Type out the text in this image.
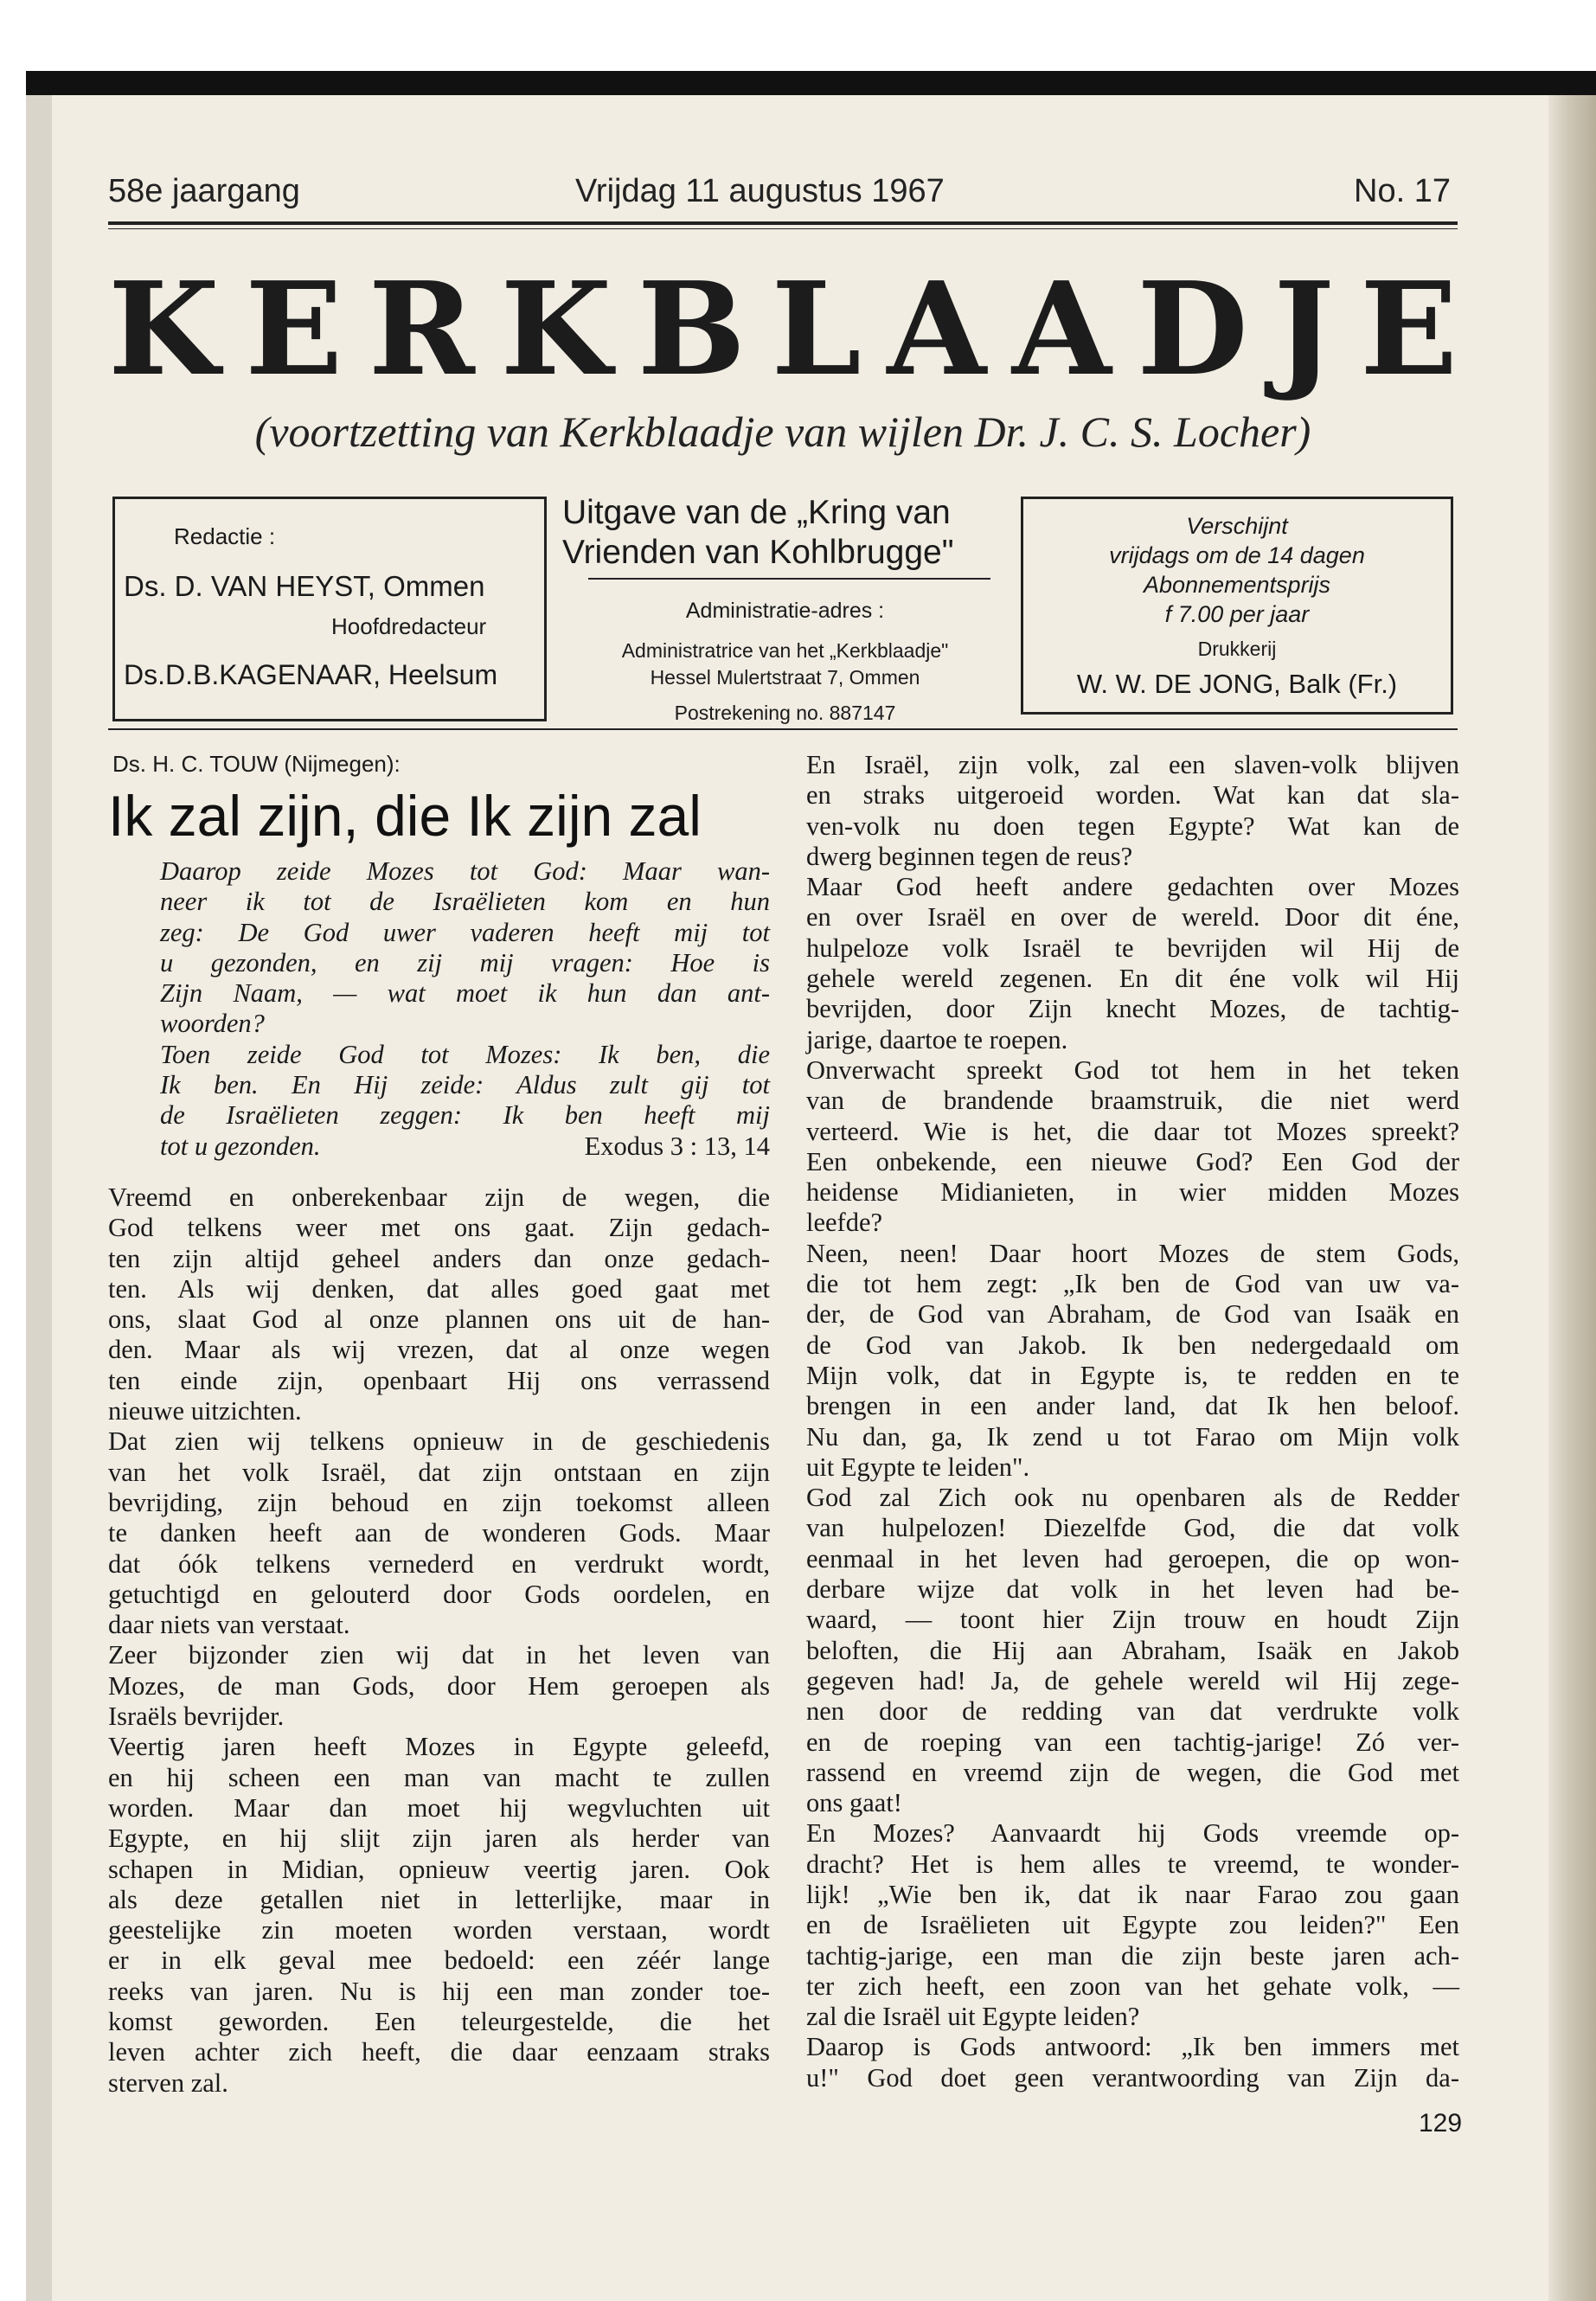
58e jaargang	Vrijdag 11 augustus 1967	No. 17
K E R K B L A A D J E
(voortzetting van Kerkblaadje van wijlen Dr. J. C. S. Locher)
Redactie :
Ds. D. VAN HEYST, Ommen
Hoofdredacteur
Ds.D.B.KAGENAAR, Heelsum
Uitgave van de „Kring van
Vrienden van Kohlbrugge"
Administratie-adres :
Administratrice van het „Kerkblaadje"
Hessel Mulertstraat 7, Ommen
Postrekening no. 887147
Verschijnt
vrijdags om de 14 dagen
Abonnementsprijs
f 7.00 per jaar
Drukkerij
W. W. DE JONG, Balk (Fr.)
Ds. H. C. TOUW (Nijmegen):
Ik zal zijn, die Ik zijn zal

Daarop zeide Mozes tot God: Maar wan-

neer ik tot de Israëlieten kom en hun

zeg: De God uwer vaderen heeft mij tot

u gezonden, en zij mij vragen: Hoe is

Zijn Naam, — wat moet ik hun dan ant-

woorden?

Toen zeide God tot Mozes: Ik ben, die

Ik ben. En Hij zeide: Aldus zult gij tot

de Israëlieten zeggen: Ik ben heeft mij

tot u gezonden.	Exodus 3 : 13, 14

Vreemd en onberekenbaar zijn de wegen, die

God telkens weer met ons gaat. Zijn gedach-

ten zijn altijd geheel anders dan onze gedach-

ten. Als wij denken, dat alles goed gaat met

ons, slaat God al onze plannen ons uit de han-

den. Maar als wij vrezen, dat al onze wegen

ten einde zijn, openbaart Hij ons verrassend

nieuwe uitzichten.

Dat zien wij telkens opnieuw in de geschiedenis

van het volk Israël, dat zijn ontstaan en zijn

bevrijding, zijn behoud en zijn toekomst alleen

te danken heeft aan de wonderen Gods. Maar

dat óók telkens vernederd en verdrukt wordt,

getuchtigd en gelouterd door Gods oordelen, en

daar niets van verstaat.

Zeer bijzonder zien wij dat in het leven van

Mozes, de man Gods, door Hem geroepen als

Israëls bevrijder.

Veertig jaren heeft Mozes in Egypte geleefd,

en hij scheen een man van macht te zullen

worden. Maar dan moet hij wegvluchten uit

Egypte, en hij slijt zijn jaren als herder van

schapen in Midian, opnieuw veertig jaren. Ook

als deze getallen niet in letterlijke, maar in

geestelijke zin moeten worden verstaan, wordt

er in elk geval mee bedoeld: een zéér lange

reeks van jaren. Nu is hij een man zonder toe-

komst geworden. Een teleurgestelde, die het

leven achter zich heeft, die daar eenzaam straks

sterven zal.

En Israël, zijn volk, zal een slaven-volk blijven

en straks uitgeroeid worden. Wat kan dat sla-

ven-volk nu doen tegen Egypte? Wat kan de

dwerg beginnen tegen de reus?

Maar God heeft andere gedachten over Mozes

en over Israël en over de wereld. Door dit éne,

hulpeloze volk Israël te bevrijden wil Hij de

gehele wereld zegenen. En dit éne volk wil Hij

bevrijden, door Zijn knecht Mozes, de tachtig-

jarige, daartoe te roepen.

Onverwacht spreekt God tot hem in het teken

van de brandende braamstruik, die niet werd

verteerd. Wie is het, die daar tot Mozes spreekt?

Een onbekende, een nieuwe God? Een God der

heidense Midianieten, in wier midden Mozes

leefde?

Neen, neen! Daar hoort Mozes de stem Gods,

die tot hem zegt: „Ik ben de God van uw va-

der, de God van Abraham, de God van Isaäk en

de God van Jakob. Ik ben nedergedaald om

Mijn volk, dat in Egypte is, te redden en te

brengen in een ander land, dat Ik hen beloof.

Nu dan, ga, Ik zend u tot Farao om Mijn volk

uit Egypte te leiden".

God zal Zich ook nu openbaren als de Redder

van hulpelozen! Diezelfde God, die dat volk

eenmaal in het leven had geroepen, die op won-

derbare wijze dat volk in het leven had be-

waard, — toont hier Zijn trouw en houdt Zijn

beloften, die Hij aan Abraham, Isaäk en Jakob

gegeven had! Ja, de gehele wereld wil Hij zege-

nen door de redding van dat verdrukte volk

en de roeping van een tachtig-jarige! Zó ver-

rassend en vreemd zijn de wegen, die God met

ons gaat!

En Mozes? Aanvaardt hij Gods vreemde op-

dracht? Het is hem alles te vreemd, te wonder-

lijk! „Wie ben ik, dat ik naar Farao zou gaan

en de Israëlieten uit Egypte zou leiden?" Een

tachtig-jarige, een man die zijn beste jaren ach-

ter zich heeft, een zoon van het gehate volk, —

zal die Israël uit Egypte leiden?

Daarop is Gods antwoord: „Ik ben immers met

u!" God doet geen verantwoording van Zijn da-

129
